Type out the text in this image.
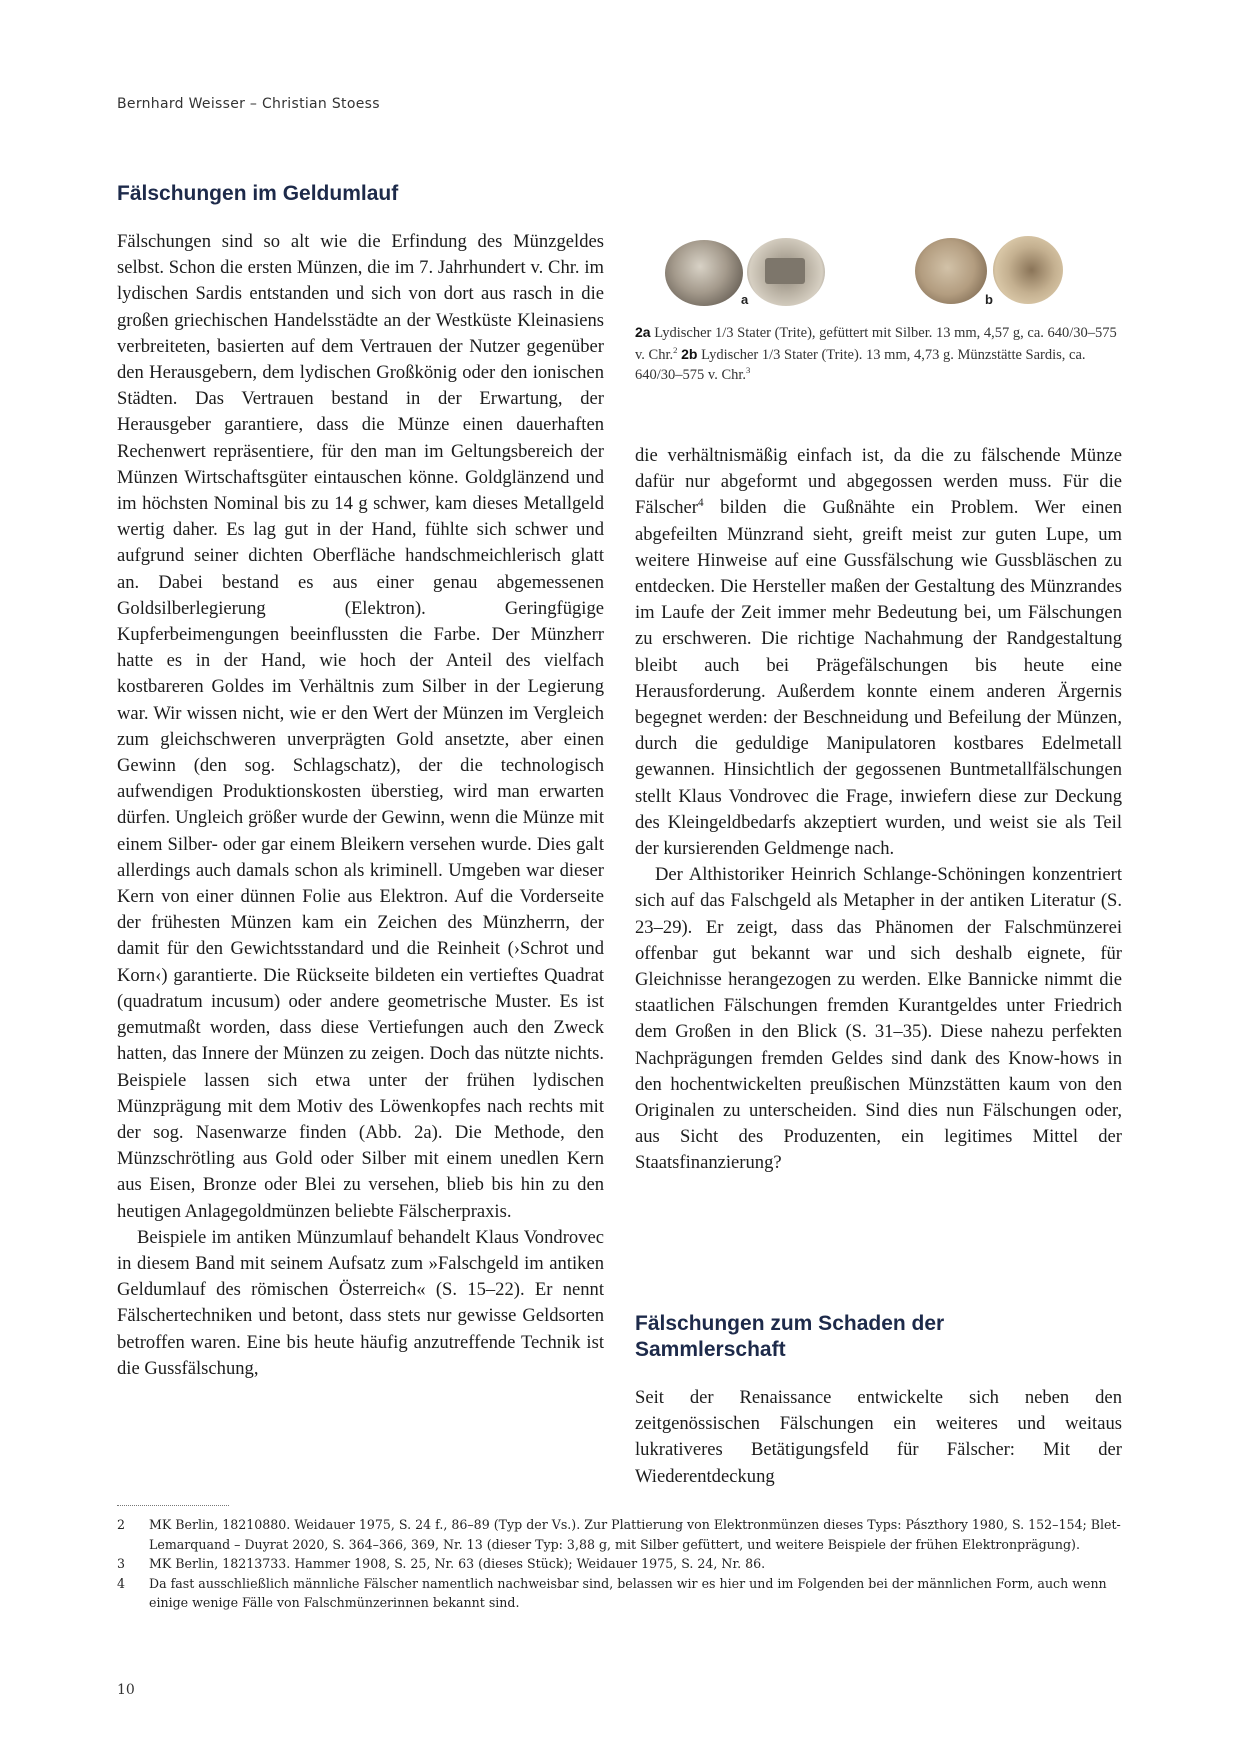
Bernhard Weisser – Christian Stoess
Fälschungen im Geldumlauf

Fälschungen sind so alt wie die Erfindung des Münzgeldes selbst. Schon die ersten Münzen, die im 7. Jahrhundert v. Chr. im lydischen Sardis entstanden und sich von dort aus rasch in die großen griechischen Handelsstädte an der Westküste Kleinasiens verbreiteten, basierten auf dem Vertrauen der Nutzer gegenüber den Herausgebern, dem lydischen Großkönig oder den ionischen Städten. Das Vertrauen bestand in der Erwartung, der Herausgeber garantiere, dass die Münze einen dauerhaften Rechenwert repräsentiere, für den man im Geltungsbereich der Münzen Wirtschaftsgüter eintauschen könne. Goldglänzend und im höchsten Nominal bis zu 14 g schwer, kam dieses Metallgeld wertig daher. Es lag gut in der Hand, fühlte sich schwer und aufgrund seiner dichten Oberfläche handschmeichlerisch glatt an. Dabei bestand es aus einer genau abgemessenen Goldsilberlegierung (Elektron). Geringfügige Kupferbeimengungen beeinflussten die Farbe. Der Münzherr hatte es in der Hand, wie hoch der Anteil des vielfach kostbareren Goldes im Verhältnis zum Silber in der Legierung war. Wir wissen nicht, wie er den Wert der Münzen im Vergleich zum gleichschweren unverprägten Gold ansetzte, aber einen Gewinn (den sog. Schlagschatz), der die technologisch aufwendigen Produktionskosten überstieg, wird man erwarten dürfen. Ungleich größer wurde der Gewinn, wenn die Münze mit einem Silber- oder gar einem Bleikern versehen wurde. Dies galt allerdings auch damals schon als kriminell. Umgeben war dieser Kern von einer dünnen Folie aus Elektron. Auf die Vorderseite der frühesten Münzen kam ein Zeichen des Münzherrn, der damit für den Gewichtsstandard und die Reinheit (›Schrot und Korn‹) garantierte. Die Rückseite bildeten ein vertieftes Quadrat (quadratum incusum) oder andere geometrische Muster. Es ist gemutmaßt worden, dass diese Vertiefungen auch den Zweck hatten, das Innere der Münzen zu zeigen. Doch das nützte nichts. Beispiele lassen sich etwa unter der frühen lydischen Münzprägung mit dem Motiv des Löwenkopfes nach rechts mit der sog. Nasenwarze finden (Abb. 2a). Die Methode, den Münzschrötling aus Gold oder Silber mit einem unedlen Kern aus Eisen, Bronze oder Blei zu versehen, blieb bis hin zu den heutigen Anlagegoldmünzen beliebte Fälscherpraxis.

Beispiele im antiken Münzumlauf behandelt Klaus Vondrovec in diesem Band mit seinem Aufsatz zum »Falschgeld im antiken Geldumlauf des römischen Österreich« (S. 15–22). Er nennt Fälschertechniken und betont, dass stets nur gewisse Geldsorten betroffen waren. Eine bis heute häufig anzutreffende Technik ist die Gussfälschung,

a	b
2a Lydischer 1/3 Stater (Trite), gefüttert mit Silber. 13 mm, 4,57 g, ca. 640/30–575 v. Chr.$^2$ 2b Lydischer 1/3 Stater (Trite). 13 mm, 4,73 g. Münzstätte Sardis, ca. 640/30–575 v. Chr.$^3$

die verhältnismäßig einfach ist, da die zu fälschende Münze dafür nur abgeformt und abgegossen werden muss. Für die Fälscher$^4$ bilden die Gußnähte ein Problem. Wer einen abgefeilten Münzrand sieht, greift meist zur guten Lupe, um weitere Hinweise auf eine Gussfälschung wie Gussbläschen zu entdecken. Die Hersteller maßen der Gestaltung des Münzrandes im Laufe der Zeit immer mehr Bedeutung bei, um Fälschungen zu erschweren. Die richtige Nachahmung der Randgestaltung bleibt auch bei Prägefälschungen bis heute eine Herausforderung. Außerdem konnte einem anderen Ärgernis begegnet werden: der Beschneidung und Befeilung der Münzen, durch die geduldige Manipulatoren kostbares Edelmetall gewannen. Hinsichtlich der gegossenen Buntmetallfälschungen stellt Klaus Vondrovec die Frage, inwiefern diese zur Deckung des Kleingeldbedarfs akzeptiert wurden, und weist sie als Teil der kursierenden Geldmenge nach.

Der Althistoriker Heinrich Schlange-Schöningen konzentriert sich auf das Falschgeld als Metapher in der antiken Literatur (S. 23–29). Er zeigt, dass das Phänomen der Falschmünzerei offenbar gut bekannt war und sich deshalb eignete, für Gleichnisse herangezogen zu werden. Elke Bannicke nimmt die staatlichen Fälschungen fremden Kurantgeldes unter Friedrich dem Großen in den Blick (S. 31–35). Diese nahezu perfekten Nachprägungen fremden Geldes sind dank des Know-hows in den hochentwickelten preußischen Münzstätten kaum von den Originalen zu unterscheiden. Sind dies nun Fälschungen oder, aus Sicht des Produzenten, ein legitimes Mittel der Staatsfinanzierung?

Fälschungen zum Schaden der Sammlerschaft

Seit der Renaissance entwickelte sich neben den zeitgenössischen Fälschungen ein weiteres und weitaus lukrativeres Betätigungsfeld für Fälscher: Mit der Wiederentdeckung

2	MK Berlin, 18210880. Weidauer 1975, S. 24 f., 86–89 (Typ der Vs.). Zur Plattierung von Elektronmünzen dieses Typs: Pászthory 1980, S. 152–154; Blet-Lemarquand – Duyrat 2020, S. 364–366, 369, Nr. 13 (dieser Typ: 3,88 g, mit Silber gefüttert, und weitere Beispiele der frühen Elektronprägung).
3	MK Berlin, 18213733. Hammer 1908, S. 25, Nr. 63 (dieses Stück); Weidauer 1975, S. 24, Nr. 86.
4	Da fast ausschließlich männliche Fälscher namentlich nachweisbar sind, belassen wir es hier und im Folgenden bei der männlichen Form, auch wenn einige wenige Fälle von Falschmünzerinnen bekannt sind.
10
